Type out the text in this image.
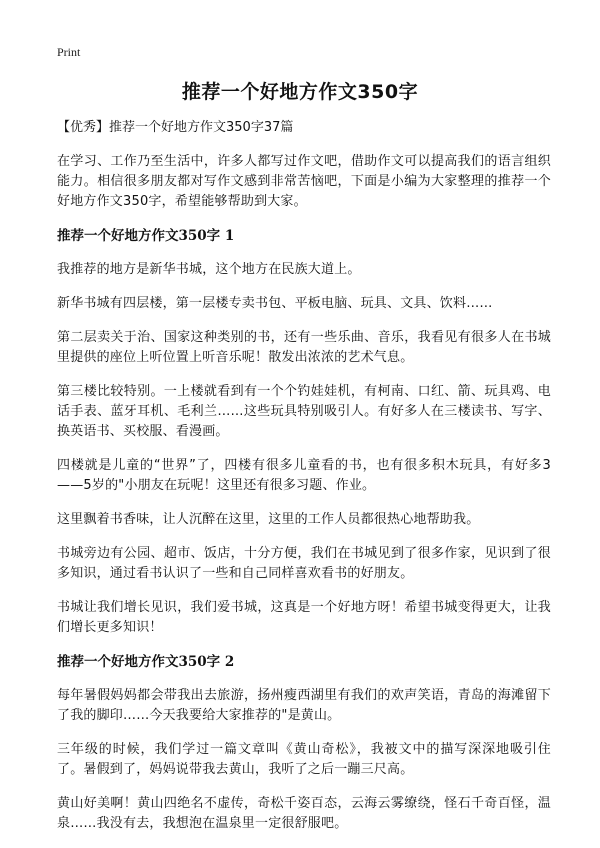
Print
推荐一个好地方作文350字
【优秀】推荐一个好地方作文350字37篇

在学习、工作乃至生活中，许多人都写过作文吧，借助作文可以提高我们的语言组织能力。相信很多朋友都对写作文感到非常苦恼吧，下面是小编为大家整理的推荐一个好地方作文350字，希望能够帮助到大家。

推荐一个好地方作文350字 1

我推荐的地方是新华书城，这个地方在民族大道上。

新华书城有四层楼，第一层楼专卖书包、平板电脑、玩具、文具、饮料……

第二层卖关于治、国家这种类别的书，还有一些乐曲、音乐，我看见有很多人在书城里提供的座位上听位置上听音乐呢！散发出浓浓的艺术气息。

第三楼比较特别。一上楼就看到有一个个钓娃娃机，有柯南、口红、箭、玩具鸡、电话手表、蓝牙耳机、毛利兰……这些玩具特别吸引人。有好多人在三楼读书、写字、换英语书、买校服、看漫画。

四楼就是儿童的“世界”了，四楼有很多儿童看的书，也有很多积木玩具，有好多3——5岁的"小朋友在玩呢！这里还有很多习题、作业。

这里飘着书香味，让人沉醉在这里，这里的工作人员都很热心地帮助我。

书城旁边有公园、超市、饭店，十分方便，我们在书城见到了很多作家，见识到了很多知识，通过看书认识了一些和自己同样喜欢看书的好朋友。

书城让我们增长见识，我们爱书城，这真是一个好地方呀！希望书城变得更大，让我们增长更多知识！

推荐一个好地方作文350字 2

每年暑假妈妈都会带我出去旅游，扬州瘦西湖里有我们的欢声笑语，青岛的海滩留下了我的脚印……今天我要给大家推荐的"是黄山。

三年级的时候，我们学过一篇文章叫《黄山奇松》，我被文中的描写深深地吸引住了。暑假到了，妈妈说带我去黄山，我听了之后一蹦三尺高。

黄山好美啊！黄山四绝名不虚传，奇松千姿百态，云海云雾缭绕，怪石千奇百怪，温泉……我没有去，我想泡在温泉里一定很舒服吧。
